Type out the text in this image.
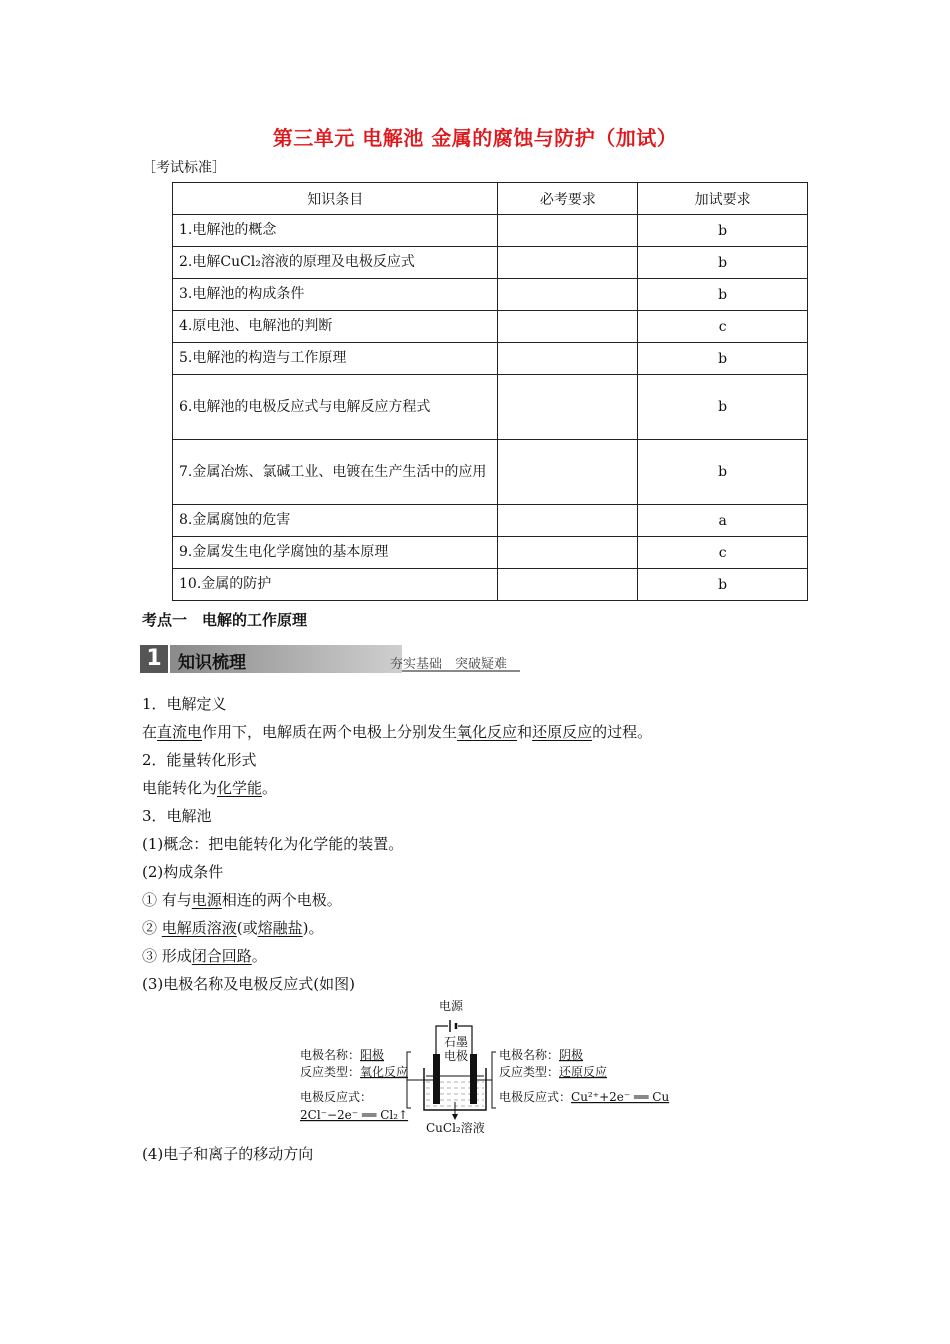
第三单元 电解池 金属的腐蚀与防护（加试）
［考试标准］
知识条目	必考要求	加试要求
1.电解池的概念		b
2.电解CuCl₂溶液的原理及电极反应式		b
3.电解池的构成条件		b
4.原电池、电解池的判断		c
5.电解池的构造与工作原理		b
6.电解池的电极反应式与电解反应方程式		b
7.金属冶炼、氯碱工业、电镀在生产生活中的应用		b
8.金属腐蚀的危害		a
9.金属发生电化学腐蚀的基本原理		c
10.金属的防护		b
考点一　电解的工作原理
1 知识梳理	夯实基础　突破疑难
1．电解定义
在直流电作用下，电解质在两个电极上分别发生氧化反应和还原反应的过程。
2．能量转化形式
电能转化为化学能。
3．电解池
(1)概念：把电能转化为化学能的装置。
(2)构成条件
① 有与电源相连的两个电极。
② 电解质溶液(或熔融盐)。
③ 形成闭合回路。
(3)电极名称及电极反应式(如图)
电源
石墨
电极
CuCl₂溶液
电极名称：阳极
反应类型：氧化反应
电极反应式：
2Cl⁻−2e⁻ ══ Cl₂↑
电极名称：阴极
反应类型：还原反应
电极反应式：Cu²⁺+2e⁻ ══ Cu
(4)电子和离子的移动方向
